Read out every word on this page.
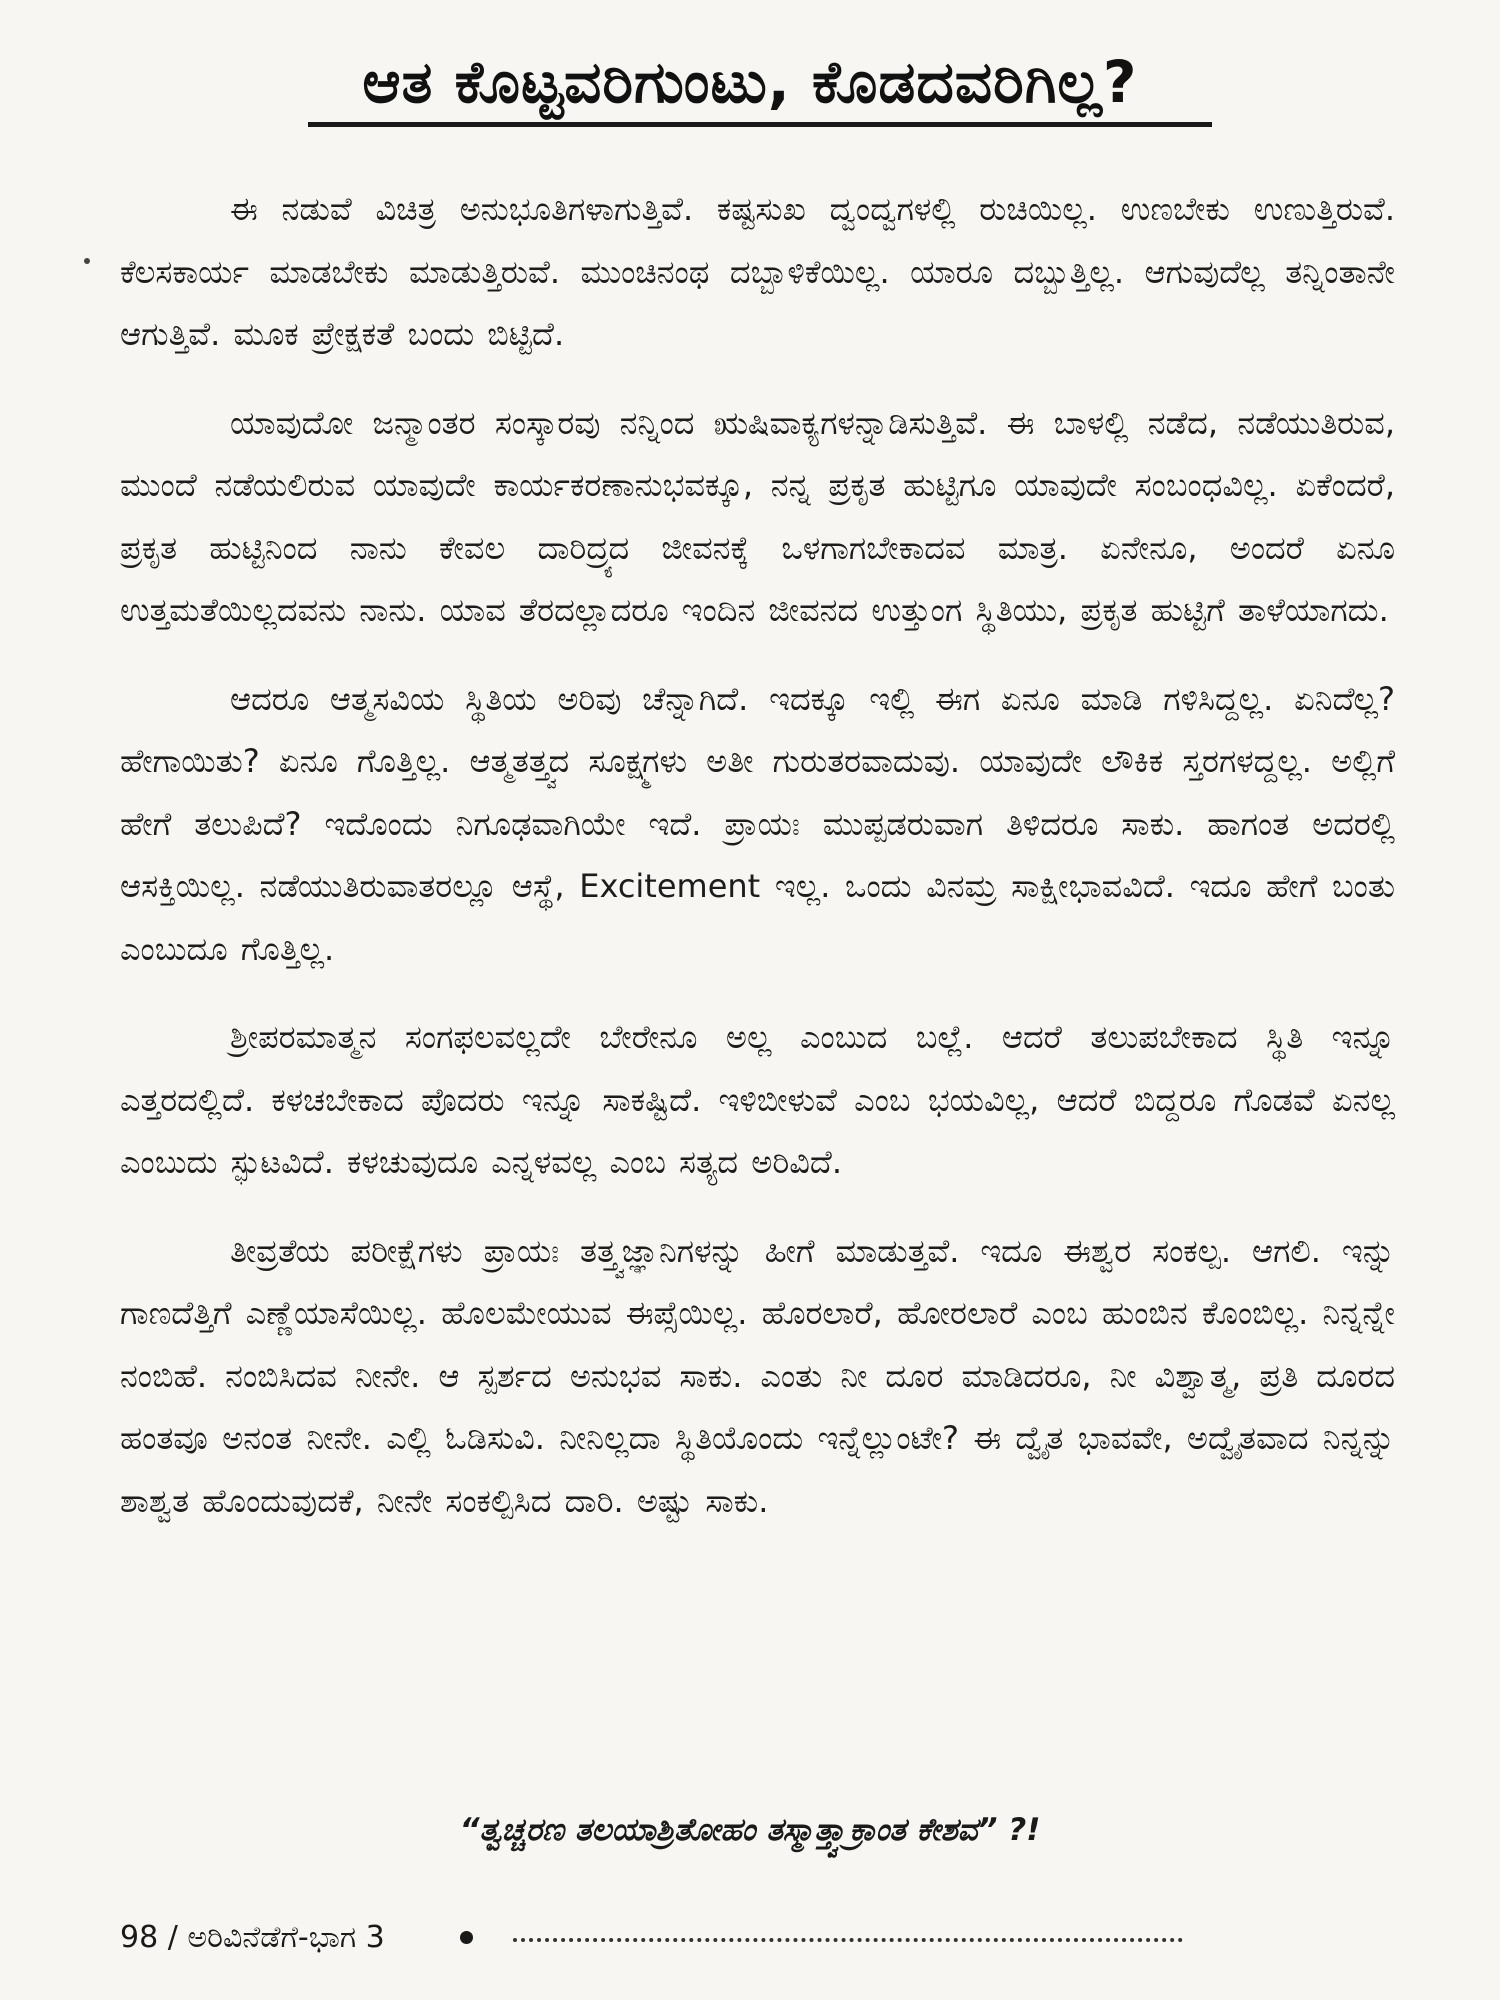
ಆತ ಕೊಟ್ಟವರಿಗುಂಟು, ಕೊಡದವರಿಗಿಲ್ಲ?

ಈ ನಡುವೆ ವಿಚಿತ್ರ ಅನುಭೂತಿಗಳಾಗುತ್ತಿವೆ. ಕಷ್ಟಸುಖ ದ್ವಂದ್ವಗಳಲ್ಲಿ ರುಚಿಯಿಲ್ಲ. ಉಣಬೇಕು ಉಣುತ್ತಿರುವೆ. ಕೆಲಸಕಾರ್ಯ ಮಾಡಬೇಕು ಮಾಡುತ್ತಿರುವೆ. ಮುಂಚಿನಂಥ ದಬ್ಬಾಳಿಕೆಯಿಲ್ಲ. ಯಾರೂ ದಬ್ಬುತ್ತಿಲ್ಲ. ಆಗುವುದೆಲ್ಲ ತನ್ನಿಂತಾನೇ ಆಗುತ್ತಿವೆ. ಮೂಕ ಪ್ರೇಕ್ಷಕತೆ ಬಂದು ಬಿಟ್ಟಿದೆ.

ಯಾವುದೋ ಜನ್ಮಾಂತರ ಸಂಸ್ಕಾರವು ನನ್ನಿಂದ ಋಷಿವಾಕ್ಯಗಳನ್ನಾಡಿಸುತ್ತಿವೆ. ಈ ಬಾಳಲ್ಲಿ ನಡೆದ, ನಡೆಯುತಿರುವ, ಮುಂದೆ ನಡೆಯಲಿರುವ ಯಾವುದೇ ಕಾರ್ಯಕರಣಾನುಭವಕ್ಕೂ, ನನ್ನ ಪ್ರಕೃತ ಹುಟ್ಟಿಗೂ ಯಾವುದೇ ಸಂಬಂಧವಿಲ್ಲ. ಏಕೆಂದರೆ, ಪ್ರಕೃತ ಹುಟ್ಟಿನಿಂದ ನಾನು ಕೇವಲ ದಾರಿದ್ರ್ಯದ ಜೀವನಕ್ಕೆ ಒಳಗಾಗಬೇಕಾದವ ಮಾತ್ರ. ಏನೇನೂ, ಅಂದರೆ ಏನೂ ಉತ್ತಮತೆಯಿಲ್ಲದವನು ನಾನು. ಯಾವ ತೆರದಲ್ಲಾದರೂ ಇಂದಿನ ಜೀವನದ ಉತ್ತುಂಗ ಸ್ಥಿತಿಯು, ಪ್ರಕೃತ ಹುಟ್ಟಿಗೆ ತಾಳೆಯಾಗದು.

ಆದರೂ ಆತ್ಮಸವಿಯ ಸ್ಥಿತಿಯ ಅರಿವು ಚೆನ್ನಾಗಿದೆ. ಇದಕ್ಕೂ ಇಲ್ಲಿ ಈಗ ಏನೂ ಮಾಡಿ ಗಳಿಸಿದ್ದಲ್ಲ. ಏನಿದೆಲ್ಲ? ಹೇಗಾಯಿತು? ಏನೂ ಗೊತ್ತಿಲ್ಲ. ಆತ್ಮತತ್ತ್ವದ ಸೂಕ್ಷ್ಮಗಳು ಅತೀ ಗುರುತರವಾದುವು. ಯಾವುದೇ ಲೌಕಿಕ ಸ್ತರಗಳದ್ದಲ್ಲ. ಅಲ್ಲಿಗೆ ಹೇಗೆ ತಲುಪಿದೆ? ಇದೊಂದು ನಿಗೂಢವಾಗಿಯೇ ಇದೆ. ಪ್ರಾಯಃ ಮುಪ್ಪಡರುವಾಗ ತಿಳಿದರೂ ಸಾಕು. ಹಾಗಂತ ಅದರಲ್ಲಿ ಆಸಕ್ತಿಯಿಲ್ಲ. ನಡೆಯುತಿರುವಾತರಲ್ಲೂ ಆಸ್ಥೆ, Excitement ಇಲ್ಲ. ಒಂದು ವಿನಮ್ರ ಸಾಕ್ಷೀಭಾವವಿದೆ. ಇದೂ ಹೇಗೆ ಬಂತು ಎಂಬುದೂ ಗೊತ್ತಿಲ್ಲ.

ಶ್ರೀಪರಮಾತ್ಮನ ಸಂಗಫಲವಲ್ಲದೇ ಬೇರೇನೂ ಅಲ್ಲ ಎಂಬುದ ಬಲ್ಲೆ. ಆದರೆ ತಲುಪಬೇಕಾದ ಸ್ಥಿತಿ ಇನ್ನೂ ಎತ್ತರದಲ್ಲಿದೆ. ಕಳಚಬೇಕಾದ ಪೊದರು ಇನ್ನೂ ಸಾಕಷ್ಟಿದೆ. ಇಳಿಬೀಳುವೆ ಎಂಬ ಭಯವಿಲ್ಲ, ಆದರೆ ಬಿದ್ದರೂ ಗೊಡವೆ ಏನಲ್ಲ ಎಂಬುದು ಸ್ಫುಟವಿದೆ. ಕಳಚುವುದೂ ಎನ್ನಳವಲ್ಲ ಎಂಬ ಸತ್ಯದ ಅರಿವಿದೆ.

ತೀವ್ರತೆಯ ಪರೀಕ್ಷೆಗಳು ಪ್ರಾಯಃ ತತ್ತ್ವಜ್ಞಾನಿಗಳನ್ನು ಹೀಗೆ ಮಾಡುತ್ತವೆ. ಇದೂ ಈಶ್ವರ ಸಂಕಲ್ಪ. ಆಗಲಿ. ಇನ್ನು ಗಾಣದೆತ್ತಿಗೆ ಎಣ್ಣೆಯಾಸೆಯಿಲ್ಲ. ಹೊಲಮೇಯುವ ಈಪ್ಸೆಯಿಲ್ಲ. ಹೊರಲಾರೆ, ಹೋರಲಾರೆ ಎಂಬ ಹುಂಬಿನ ಕೊಂಬಿಲ್ಲ. ನಿನ್ನನ್ನೇ ನಂಬಿಹೆ. ನಂಬಿಸಿದವ ನೀನೇ. ಆ ಸ್ಪರ್ಶದ ಅನುಭವ ಸಾಕು. ಎಂತು ನೀ ದೂರ ಮಾಡಿದರೂ, ನೀ ವಿಶ್ವಾತ್ಮ, ಪ್ರತಿ ದೂರದ ಹಂತವೂ ಅನಂತ ನೀನೇ. ಎಲ್ಲಿ ಓಡಿಸುವಿ. ನೀನಿಲ್ಲದಾ ಸ್ಥಿತಿಯೊಂದು ಇನ್ನೆಲ್ಲುಂಟೇ? ಈ ದ್ವೈತ ಭಾವವೇ, ಅದ್ವೈತವಾದ ನಿನ್ನನ್ನು ಶಾಶ್ವತ ಹೊಂದುವುದಕೆ, ನೀನೇ ಸಂಕಲ್ಪಿಸಿದ ದಾರಿ. ಅಷ್ಟು ಸಾಕು.

“ತ್ವಚ್ಚರಣ ತಲಯಾಶ್ರಿತೋಹಂ ತಸ್ಮಾತ್ತ್ವಾಕ್ರಾಂತ ಕೇಶವ” ?!

98 / ಅರಿವಿನೆಡೆಗೆ-ಭಾಗ 3
